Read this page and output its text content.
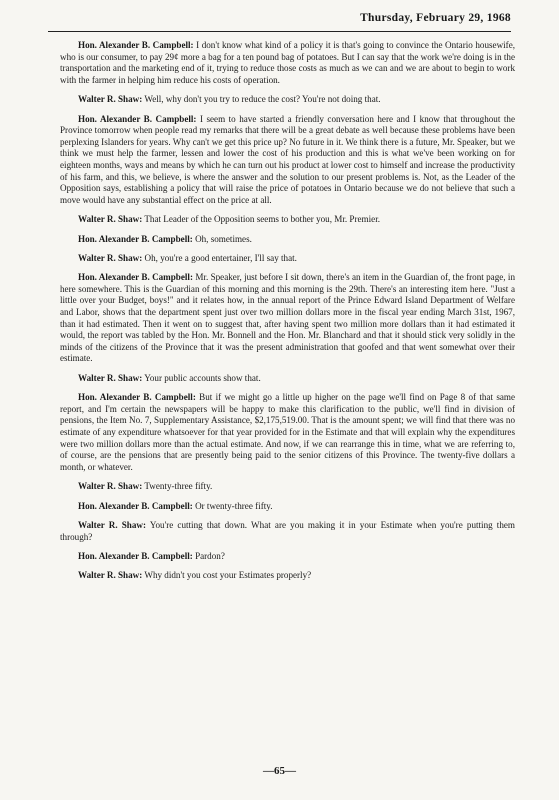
Thursday, February 29, 1968

Hon. Alexander B. Campbell: I don't know what kind of a policy it is that's going to convince the Ontario housewife, who is our consumer, to pay 29¢ more a bag for a ten pound bag of potatoes. But I can say that the work we're doing is in the transportation and the marketing end of it, trying to reduce those costs as much as we can and we are about to begin to work with the farmer in helping him reduce his costs of operation.

Walter R. Shaw: Well, why don't you try to reduce the cost? You're not doing that.

Hon. Alexander B. Campbell: I seem to have started a friendly conversation here and I know that throughout the Province tomorrow when people read my remarks that there will be a great debate as well because these problems have been perplexing Islanders for years. Why can't we get this price up? No future in it. We think there is a future, Mr. Speaker, but we think we must help the farmer, lessen and lower the cost of his production and this is what we've been working on for eighteen months, ways and means by which he can turn out his product at lower cost to himself and increase the productivity of his farm, and this, we believe, is where the answer and the solution to our present problems is. Not, as the Leader of the Opposition says, establishing a policy that will raise the price of potatoes in Ontario because we do not believe that such a move would have any substantial effect on the price at all.

Walter R. Shaw: That Leader of the Opposition seems to bother you, Mr. Premier.

Hon. Alexander B. Campbell: Oh, sometimes.

Walter R. Shaw: Oh, you're a good entertainer, I'll say that.

Hon. Alexander B. Campbell: Mr. Speaker, just before I sit down, there's an item in the Guardian of, the front page, in here somewhere. This is the Guardian of this morning and this morning is the 29th. There's an interesting item here. "Just a little over your Budget, boys!" and it relates how, in the annual report of the Prince Edward Island Department of Welfare and Labor, shows that the department spent just over two million dollars more in the fiscal year ending March 31st, 1967, than it had estimated. Then it went on to suggest that, after having spent two million more dollars than it had estimated it would, the report was tabled by the Hon. Mr. Bonnell and the Hon. Mr. Blanchard and that it should stick very solidly in the minds of the citizens of the Province that it was the present administration that goofed and that went somewhat over their estimate.

Walter R. Shaw: Your public accounts show that.

Hon. Alexander B. Campbell: But if we might go a little up higher on the page we'll find on Page 8 of that same report, and I'm certain the newspapers will be happy to make this clarification to the public, we'll find in division of pensions, the Item No. 7, Supplementary Assistance, $2,175,519.00. That is the amount spent; we will find that there was no estimate of any expenditure whatsoever for that year provided for in the Estimate and that will explain why the expenditures were two million dollars more than the actual estimate. And now, if we can rearrange this in time, what we are referring to, of course, are the pensions that are presently being paid to the senior citizens of this Province. The twenty-five dollars a month, or whatever.

Walter R. Shaw: Twenty-three fifty.

Hon. Alexander B. Campbell: Or twenty-three fifty.

Walter R. Shaw: You're cutting that down. What are you making it in your Estimate when you're putting them through?

Hon. Alexander B. Campbell: Pardon?

Walter R. Shaw: Why didn't you cost your Estimates properly?

—65—
